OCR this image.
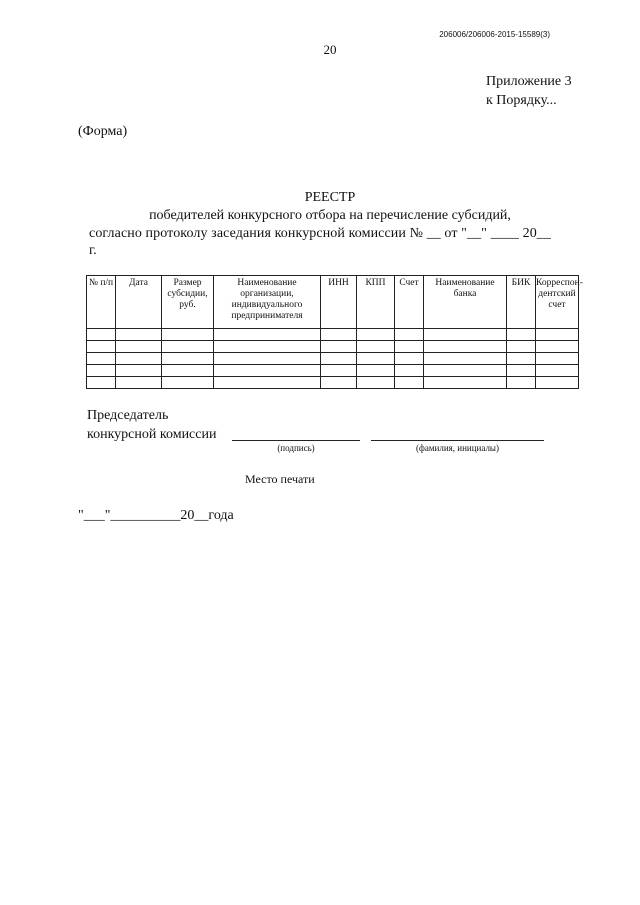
206006/206006-2015-15589(3)
20
Приложение 3
к Порядку...
(Форма)
РЕЕСТР
победителей конкурсного отбора на перечисление субсидий,
согласно протоколу заседания конкурсной комиссии № __ от "__" ____ 20__
г.
№ п/п	Дата	Размер субсидии, руб.	Наименование организации, индивидуального предпринимателя	ИНН	КПП	Счет	Наименование банка	БИК	Корреспон-дентский счет

Председатель
конкурсной комиссии
(подпись)	(фамилия, инициалы)
Место печати
"___"__________20__года
